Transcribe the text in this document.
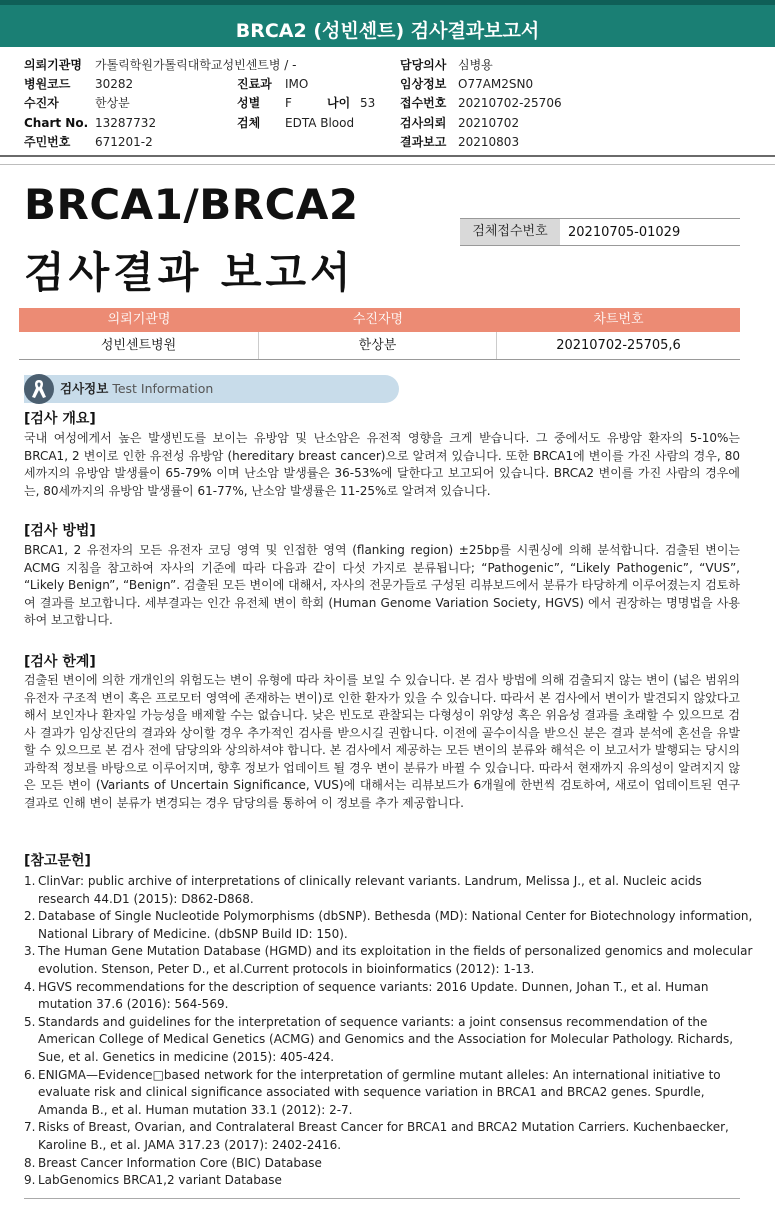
BRCA2 (성빈센트) 검사결과보고서
의뢰기관명 가톨릭학원가톨릭대학교성빈센트병 / -	담당의사 심병용
병원코드 30282	진료과 IMO	임상정보 O77AM2SN0
수진자	한상분	성별 F	나이 53 접수번호 20210702-25706
Chart No. 13287732	검체 EDTA Blood	검사의뢰 20210702
주민번호 671201-2	결과보고 20210803
BRCA1/BRCA2
검사결과 보고서
검체접수번호	20210705-01029
의뢰기관명	수진자명	차트번호
성빈센트병원	한상분	20210702-25705,6
검사정보 Test Information
[검사 개요]
국내 여성에게서 높은 발생빈도를 보이는 유방암 및 난소암은 유전적 영향을 크게 받습니다. 그 중에서도 유방암 환자의 5-10%는 BRCA1, 2 변이로 인한 유전성 유방암 (hereditary breast cancer)으로 알려져 있습니다. 또한 BRCA1에 변이를 가진 사람의 경우, 80세까지의 유방암 발생률이 65-79% 이며 난소암 발생률은 36-53%에 달한다고 보고되어 있습니다. BRCA2 변이를 가진 사람의 경우에는, 80세까지의 유방암 발생률이 61-77%, 난소암 발생률은 11-25%로 알려져 있습니다.
[검사 방법]
BRCA1, 2 유전자의 모든 유전자 코딩 영역 및 인접한 영역 (flanking region) ±25bp를 시퀀싱에 의해 분석합니다. 검출된 변이는 ACMG 지침을 참고하여 자사의 기준에 따라 다음과 같이 다섯 가지로 분류됩니다; “Pathogenic”, “Likely Pathogenic”, “VUS”, “Likely Benign”, “Benign”. 검출된 모든 변이에 대해서, 자사의 전문가들로 구성된 리뷰보드에서 분류가 타당하게 이루어졌는지 검토하여 결과를 보고합니다. 세부결과는 인간 유전체 변이 학회 (Human Genome Variation Society, HGVS) 에서 권장하는 명명법을 사용하여 보고합니다.
[검사 한계]
검출된 변이에 의한 개개인의 위험도는 변이 유형에 따라 차이를 보일 수 있습니다. 본 검사 방법에 의해 검출되지 않는 변이 (넓은 범위의 유전자 구조적 변이 혹은 프로모터 영역에 존재하는 변이)로 인한 환자가 있을 수 있습니다. 따라서 본 검사에서 변이가 발견되지 않았다고 해서 보인자나 환자일 가능성을 배제할 수는 없습니다. 낮은 빈도로 관찰되는 다형성이 위양성 혹은 위음성 결과를 초래할 수 있으므로 검사 결과가 임상진단의 결과와 상이할 경우 추가적인 검사를 받으시길 권합니다. 이전에 골수이식을 받으신 분은 결과 분석에 혼선을 유발할 수 있으므로 본 검사 전에 담당의와 상의하셔야 합니다. 본 검사에서 제공하는 모든 변이의 분류와 해석은 이 보고서가 발행되는 당시의 과학적 정보를 바탕으로 이루어지며, 향후 정보가 업데이트 될 경우 변이 분류가 바뀔 수 있습니다. 따라서 현재까지 유의성이 알려지지 않은 모든 변이 (Variants of Uncertain Significance, VUS)에 대해서는 리뷰보드가 6개월에 한번씩 검토하여, 새로이 업데이트된 연구 결과로 인해 변이 분류가 변경되는 경우 담당의를 통하여 이 정보를 추가 제공합니다.
[참고문헌]
1. ClinVar: public archive of interpretations of clinically relevant variants. Landrum, Melissa J., et al. Nucleic acids research 44.D1 (2015): D862-D868.
2. Database of Single Nucleotide Polymorphisms (dbSNP). Bethesda (MD): National Center for Biotechnology information, National Library of Medicine. (dbSNP Build ID: 150).
3. The Human Gene Mutation Database (HGMD) and its exploitation in the fields of personalized genomics and molecular evolution. Stenson, Peter D., et al.Current protocols in bioinformatics (2012): 1-13.
4. HGVS recommendations for the description of sequence variants: 2016 Update. Dunnen, Johan T., et al. Human mutation 37.6 (2016): 564-569.
5. Standards and guidelines for the interpretation of sequence variants: a joint consensus recommendation of the American College of Medical Genetics (ACMG) and Genomics and the Association for Molecular Pathology. Richards, Sue, et al. Genetics in medicine (2015): 405-424.
6. ENIGMA—Evidence□based network for the interpretation of germline mutant alleles: An international initiative to evaluate risk and clinical significance associated with sequence variation in BRCA1 and BRCA2 genes. Spurdle, Amanda B., et al. Human mutation 33.1 (2012): 2-7.
7. Risks of Breast, Ovarian, and Contralateral Breast Cancer for BRCA1 and BRCA2 Mutation Carriers. Kuchenbaecker, Karoline B., et al. JAMA 317.23 (2017): 2402-2416.
8. Breast Cancer Information Core (BIC) Database
9. LabGenomics BRCA1,2 variant Database
